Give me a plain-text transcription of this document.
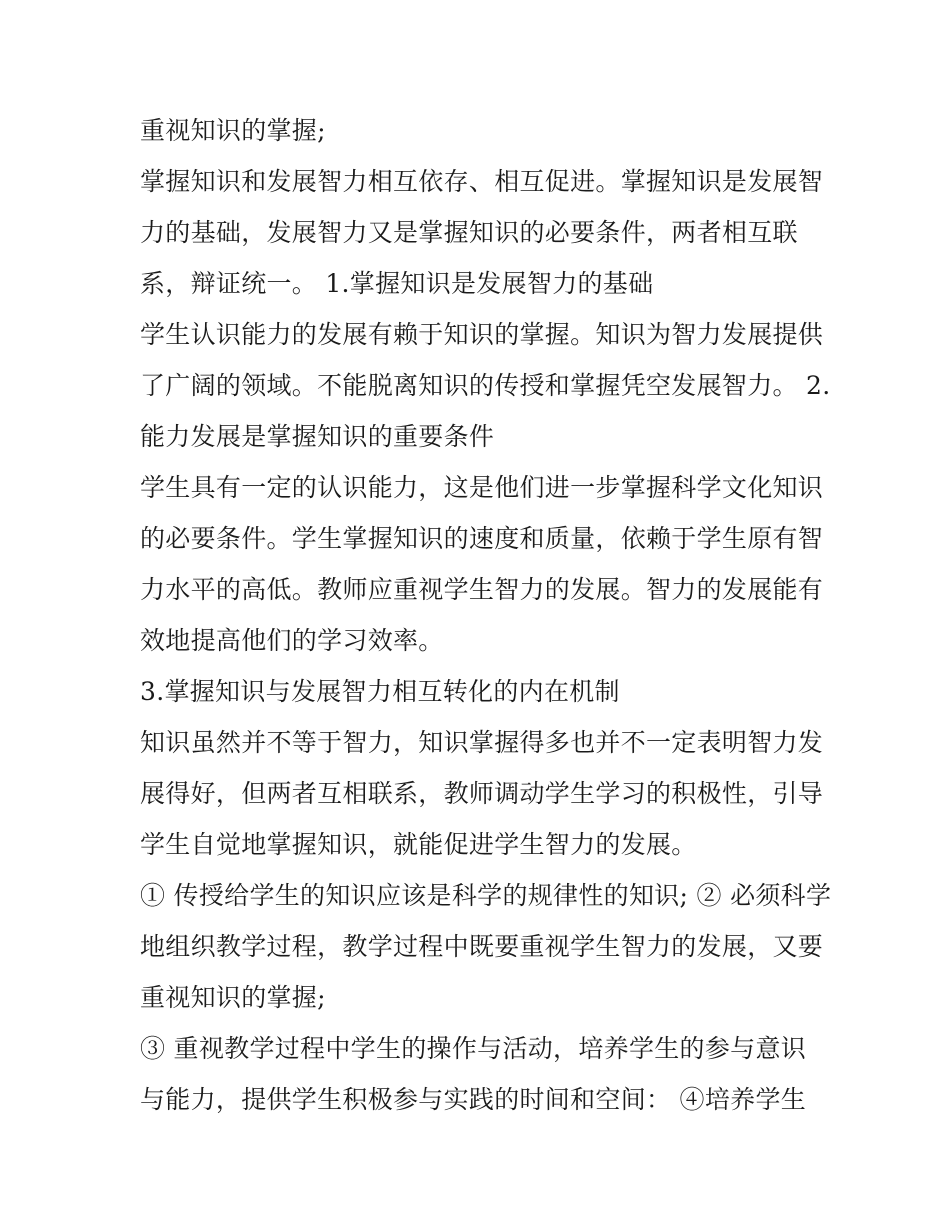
重视知识的掌握;
掌握知识和发展智力相互依存、相互促进。掌握知识是发展智
力的基础，发展智力又是掌握知识的必要条件，两者相互联
系，辩证统一。 1.掌握知识是发展智力的基础
学生认识能力的发展有赖于知识的掌握。知识为智力发展提供
了广阔的领域。不能脱离知识的传授和掌握凭空发展智力。 2.
能力发展是掌握知识的重要条件
学生具有一定的认识能力，这是他们进一步掌握科学文化知识
的必要条件。学生掌握知识的速度和质量，依赖于学生原有智
力水平的高低。教师应重视学生智力的发展。智力的发展能有
效地提高他们的学习效率。
3.掌握知识与发展智力相互转化的内在机制
知识虽然并不等于智力，知识掌握得多也并不一定表明智力发
展得好，但两者互相联系，教师调动学生学习的积极性，引导
学生自觉地掌握知识，就能促进学生智力的发展。
① 传授给学生的知识应该是科学的规律性的知识; ② 必须科学
地组织教学过程，教学过程中既要重视学生智力的发展，又要
重视知识的掌握;
③ 重视教学过程中学生的操作与活动，培养学生的参与意识
与能力，提供学生积极参与实践的时间和空间： ④培养学生
